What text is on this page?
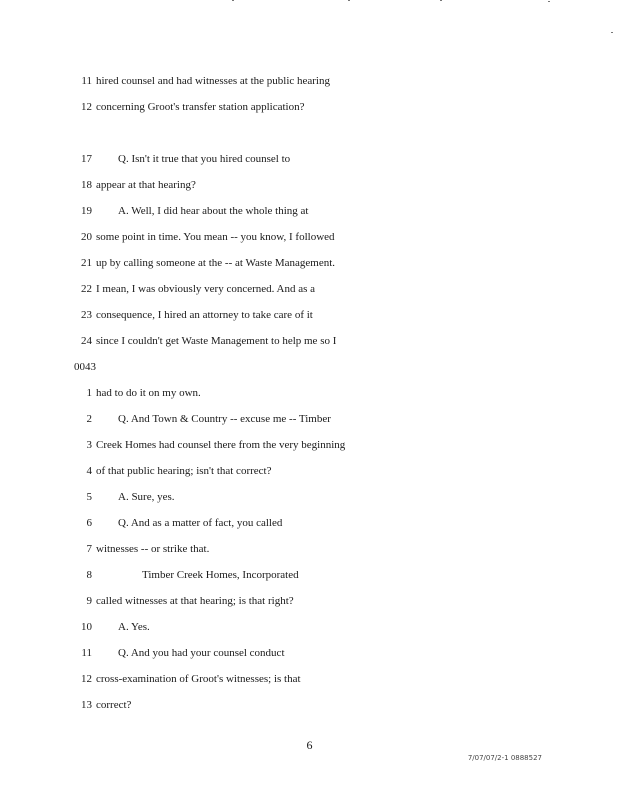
11 hired counsel and had witnesses at the public hearing
12 concerning Groot's transfer station application?
17 Q. Isn't it true that you hired counsel to
18 appear at that hearing?
19 A. Well, I did hear about the whole thing at
20 some point in time. You mean -- you know, I followed
21 up by calling someone at the -- at Waste Management.
22 I mean, I was obviously very concerned. And as a
23 consequence, I hired an attorney to take care of it
24 since I couldn't get Waste Management to help me so I
0043
1 had to do it on my own.
2 Q. And Town & Country -- excuse me -- Timber
3 Creek Homes had counsel there from the very beginning
4 of that public hearing; isn't that correct?
5 A. Sure, yes.
6 Q. And as a matter of fact, you called
7 witnesses -- or strike that.
8	Timber Creek Homes, Incorporated
9 called witnesses at that hearing; is that right?
10 A. Yes.
11 Q. And you had your counsel conduct
12 cross-examination of Groot's witnesses; is that
13 correct?
6
7/07/07/2-1 0888527
